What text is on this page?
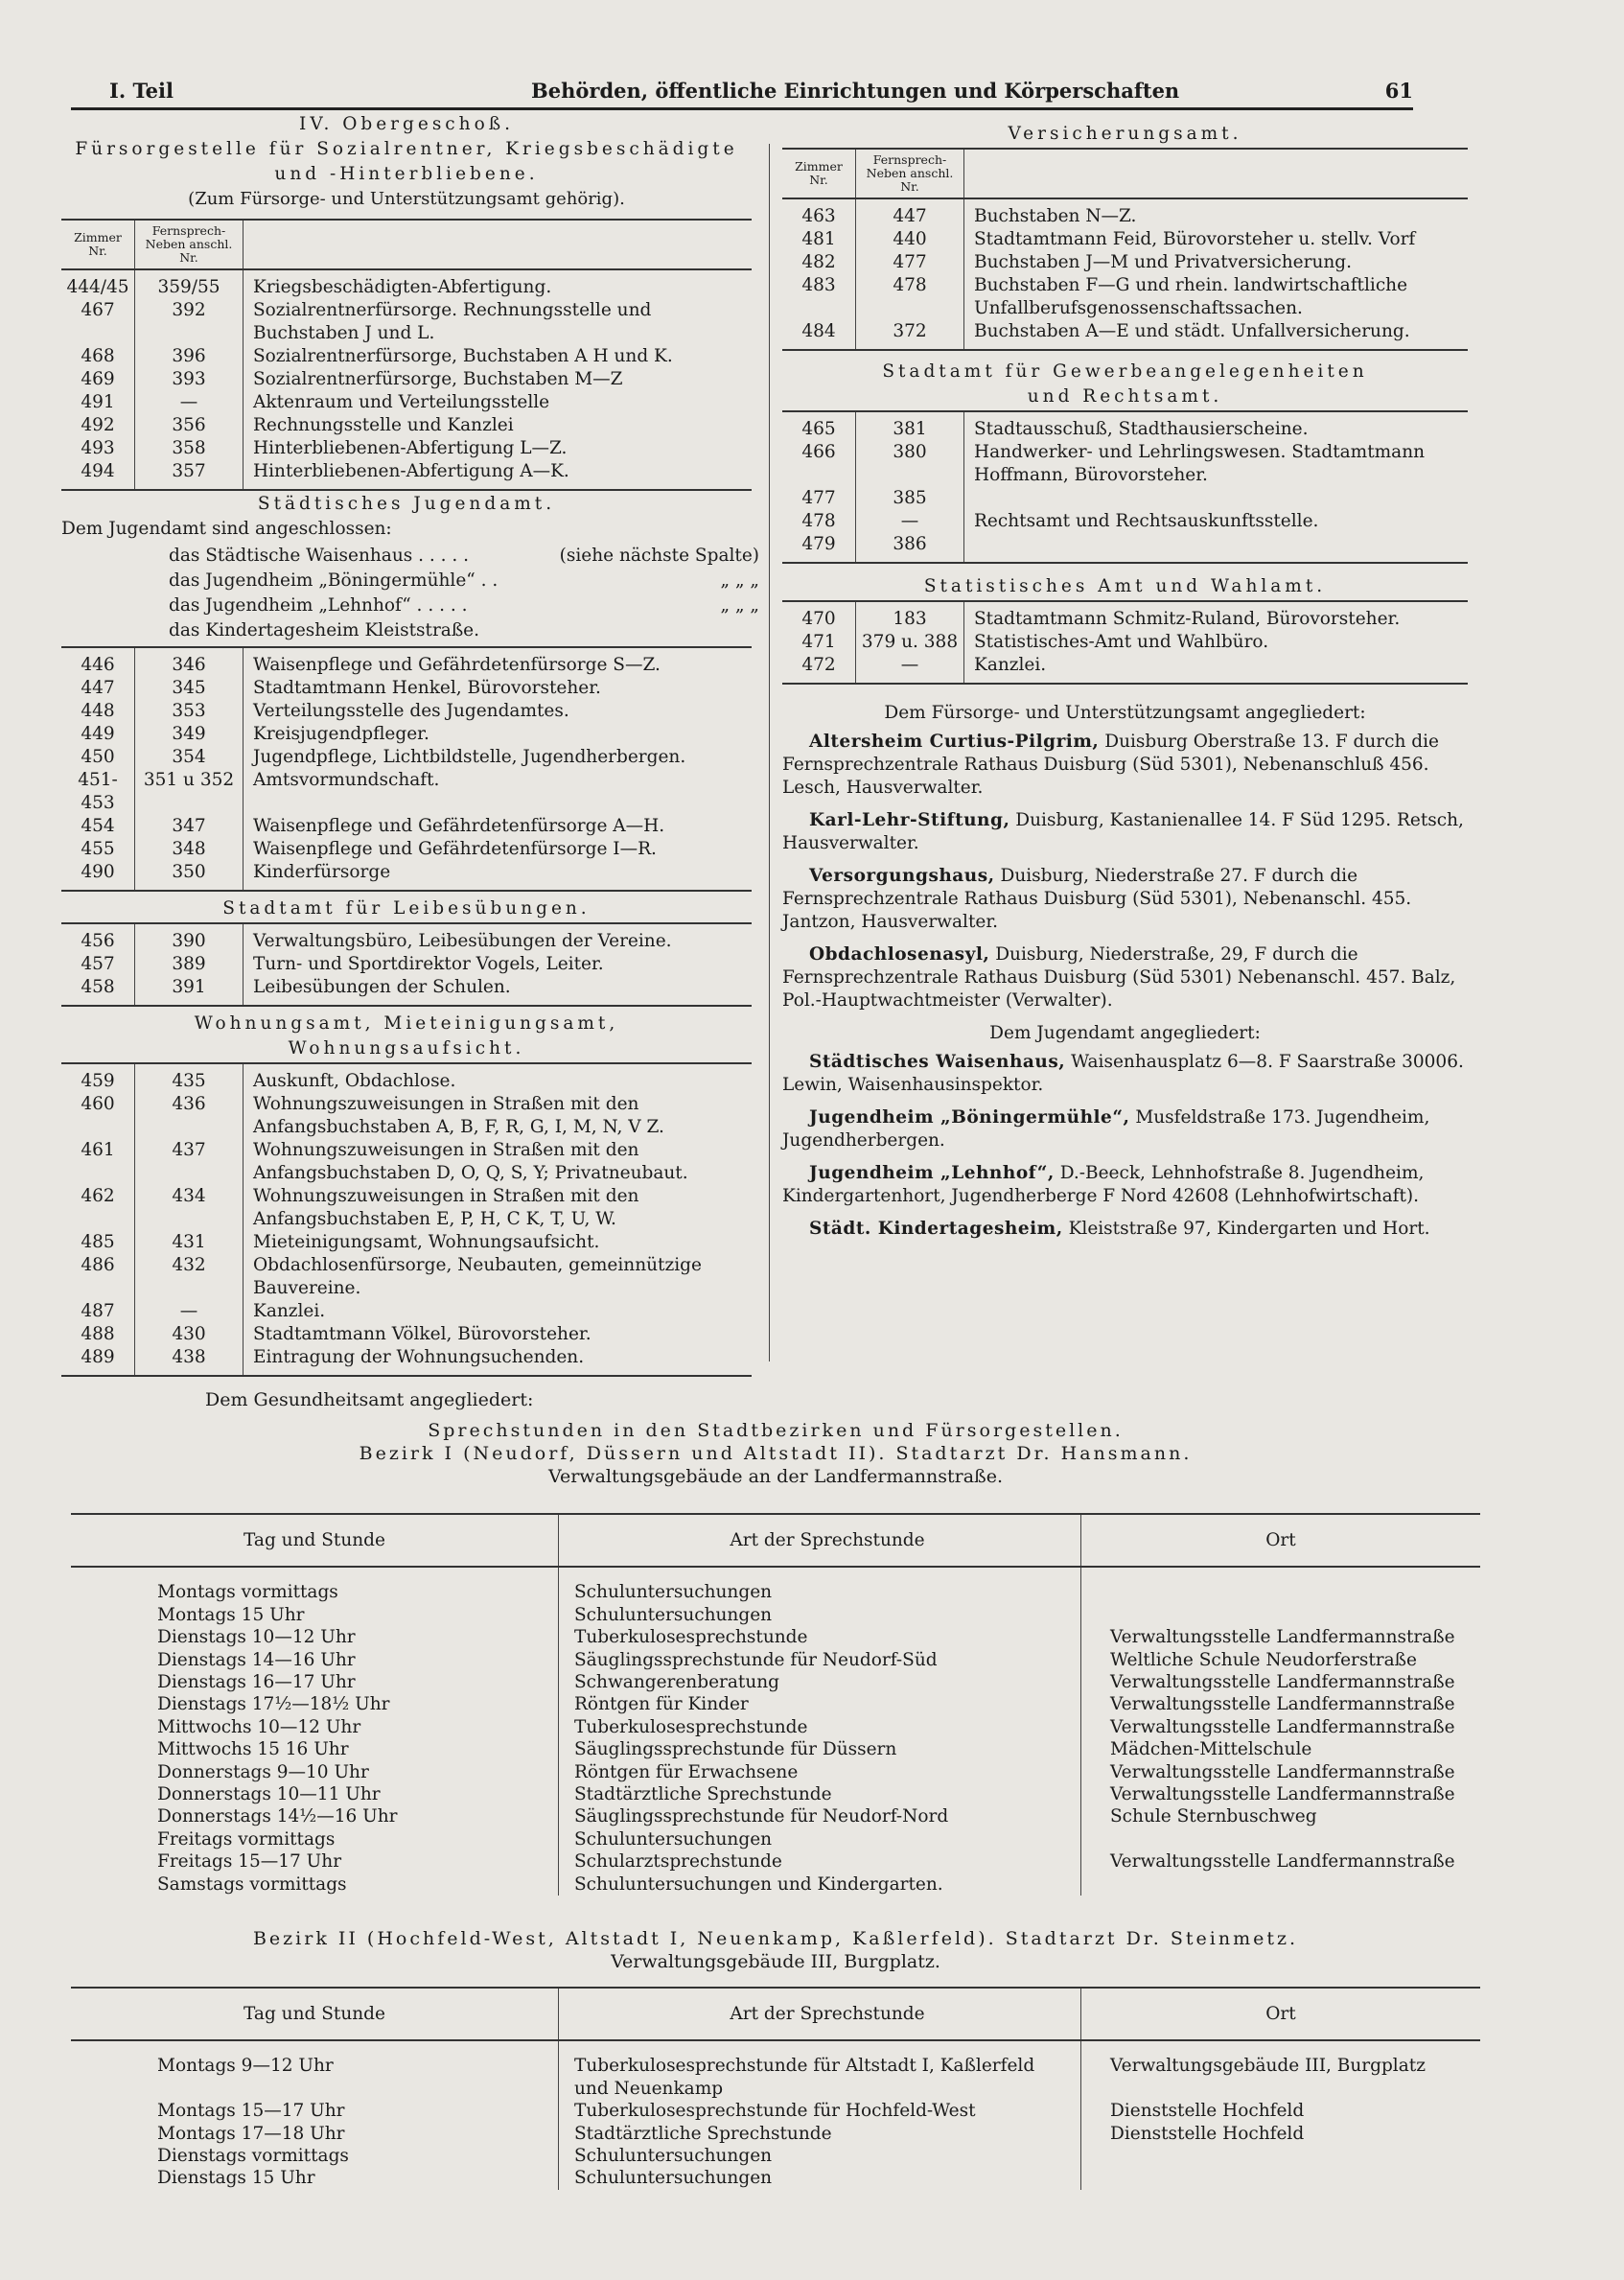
I. Teil	Behörden, öffentliche Einrichtungen und Körperschaften	61
IV. Obergeschoß.
Fürsorgestelle für Sozialrentner, Kriegsbeschädigte
und -Hinterbliebene.
(Zum Fürsorge- und Unterstützungsamt gehörig).
Zimmer Nr.	Fernsprech-Neben anschl. Nr.	
444/45	359/55	Kriegsbeschädigten-Abfertigung.
467	392	Sozialrentnerfürsorge. Rechnungsstelle und Buchstaben J und L.
468	396	Sozialrentnerfürsorge, Buchstaben A H und K.
469	393	Sozialrentnerfürsorge, Buchstaben M—Z
491	—	Aktenraum und Verteilungsstelle
492	356	Rechnungsstelle und Kanzlei
493	358	Hinterbliebenen-Abfertigung L—Z.
494	357	Hinterbliebenen-Abfertigung A—K.
Städtisches Jugendamt.
Dem Jugendamt sind angeschlossen:
das Städtische Waisenhaus . . . . .	(siehe nächste Spalte)
das Jugendheim „Böningermühle“ . .	„ „ „
das Jugendheim „Lehnhof“ . . . . .	„ „ „
das Kindertagesheim Kleiststraße.	
446	346	Waisenpflege und Gefährdetenfürsorge S—Z.
447	345	Stadtamtmann Henkel, Bürovorsteher.
448	353	Verteilungsstelle des Jugendamtes.
449	349	Kreisjugendpfleger.
450	354	Jugendpflege, Lichtbildstelle, Jugendherbergen.
451-453	351 u 352	Amtsvormundschaft.
454	347	Waisenpflege und Gefährdetenfürsorge A—H.
455	348	Waisenpflege und Gefährdetenfürsorge I—R.
490	350	Kinderfürsorge
Stadtamt für Leibesübungen.
456	390	Verwaltungsbüro, Leibesübungen der Vereine.
457	389	Turn- und Sportdirektor Vogels, Leiter.
458	391	Leibesübungen der Schulen.
Wohnungsamt, Mieteinigungsamt,
Wohnungsaufsicht.
459	435	Auskunft, Obdachlose.
460	436	Wohnungszuweisungen in Straßen mit den Anfangsbuchstaben A, B, F, R, G, I, M, N, V Z.
461	437	Wohnungszuweisungen in Straßen mit den Anfangsbuchstaben D, O, Q, S, Y; Privatneubaut.
462	434	Wohnungszuweisungen in Straßen mit den Anfangsbuchstaben E, P, H, C K, T, U, W.
485	431	Mieteinigungsamt, Wohnungsaufsicht.
486	432	Obdachlosenfürsorge, Neubauten, gemeinnützige Bauvereine.
487	—	Kanzlei.
488	430	Stadtamtmann Völkel, Bürovorsteher.
489	438	Eintragung der Wohnungsuchenden.
Versicherungsamt.
Zimmer Nr.	Fernsprech-Neben anschl. Nr.	
463	447	Buchstaben N—Z.
481	440	Stadtamtmann Feid, Bürovorsteher u. stellv. Vorf
482	477	Buchstaben J—M und Privatversicherung.
483	478	Buchstaben F—G und rhein. landwirtschaftliche Unfallberufsgenossenschaftssachen.
484	372	Buchstaben A—E und städt. Unfallversicherung.
Stadtamt für Gewerbeangelegenheiten
und Rechtsamt.
465	381	Stadtausschuß, Stadthausierscheine.
466	380	Handwerker- und Lehrlingswesen. Stadtamtmann Hoffmann, Bürovorsteher.
477	385	
478	—	Rechtsamt und Rechtsauskunftsstelle.
479	386	
Statistisches Amt und Wahlamt.
470	183	Stadtamtmann Schmitz-Ruland, Bürovorsteher.
471	379 u. 388	Statistisches-Amt und Wahlbüro.
472	—	Kanzlei.
Dem Fürsorge- und Unterstützungsamt angegliedert:
Altersheim Curtius-Pilgrim, Duisburg Oberstraße 13. F durch die Fernsprechzentrale Rathaus Duisburg (Süd 5301), Nebenanschluß 456. Lesch, Hausverwalter.
Karl-Lehr-Stiftung, Duisburg, Kastanienallee 14. F Süd 1295. Retsch, Hausverwalter.
Versorgungshaus, Duisburg, Niederstraße 27. F durch die Fernsprechzentrale Rathaus Duisburg (Süd 5301), Nebenanschl. 455. Jantzon, Hausverwalter.
Obdachlosenasyl, Duisburg, Niederstraße, 29, F durch die Fernsprechzentrale Rathaus Duisburg (Süd 5301) Nebenanschl. 457. Balz, Pol.-Hauptwachtmeister (Verwalter).
Dem Jugendamt angegliedert:
Städtisches Waisenhaus, Waisenhausplatz 6—8. F Saarstraße 30006. Lewin, Waisenhausinspektor.
Jugendheim „Böningermühle“, Musfeldstraße 173. Jugendheim, Jugendherbergen.
Jugendheim „Lehnhof“, D.-Beeck, Lehnhofstraße 8. Jugendheim, Kindergartenhort, Jugendherberge F Nord 42608 (Lehnhofwirtschaft).
Städt. Kindertagesheim, Kleiststraße 97, Kindergarten und Hort.
Dem Gesundheitsamt angegliedert:
Sprechstunden in den Stadtbezirken und Fürsorgestellen.
Bezirk I (Neudorf, Düssern und Altstadt II). Stadtarzt Dr. Hansmann.
Verwaltungsgebäude an der Landfermannstraße.
Tag und Stunde	Art der Sprechstunde	Ort
Montags vormittags	Schuluntersuchungen	
Montags 15 Uhr	Schuluntersuchungen	
Dienstags 10—12 Uhr	Tuberkulosesprechstunde	Verwaltungsstelle Landfermannstraße
Dienstags 14—16 Uhr	Säuglingssprechstunde für Neudorf-Süd	Weltliche Schule Neudorferstraße
Dienstags 16—17 Uhr	Schwangerenberatung	Verwaltungsstelle Landfermannstraße
Dienstags 17½—18½ Uhr	Röntgen für Kinder	Verwaltungsstelle Landfermannstraße
Mittwochs 10—12 Uhr	Tuberkulosesprechstunde	Verwaltungsstelle Landfermannstraße
Mittwochs 15 16 Uhr	Säuglingssprechstunde für Düssern	Mädchen-Mittelschule
Donnerstags 9—10 Uhr	Röntgen für Erwachsene	Verwaltungsstelle Landfermannstraße
Donnerstags 10—11 Uhr	Stadtärztliche Sprechstunde	Verwaltungsstelle Landfermannstraße
Donnerstags 14½—16 Uhr	Säuglingssprechstunde für Neudorf-Nord	Schule Sternbuschweg
Freitags vormittags	Schuluntersuchungen	
Freitags 15—17 Uhr	Schularztsprechstunde	Verwaltungsstelle Landfermannstraße
Samstags vormittags	Schuluntersuchungen und Kindergarten.	
Bezirk II (Hochfeld-West, Altstadt I, Neuenkamp, Kaßlerfeld). Stadtarzt Dr. Steinmetz.
Verwaltungsgebäude III, Burgplatz.
Tag und Stunde	Art der Sprechstunde	Ort
Montags 9—12 Uhr	Tuberkulosesprechstunde für Altstadt I, Kaßlerfeld und Neuenkamp	Verwaltungsgebäude III, Burgplatz
Montags 15—17 Uhr	Tuberkulosesprechstunde für Hochfeld-West	Dienststelle Hochfeld
Montags 17—18 Uhr	Stadtärztliche Sprechstunde	Dienststelle Hochfeld
Dienstags vormittags	Schuluntersuchungen	
Dienstags 15 Uhr	Schuluntersuchungen	
